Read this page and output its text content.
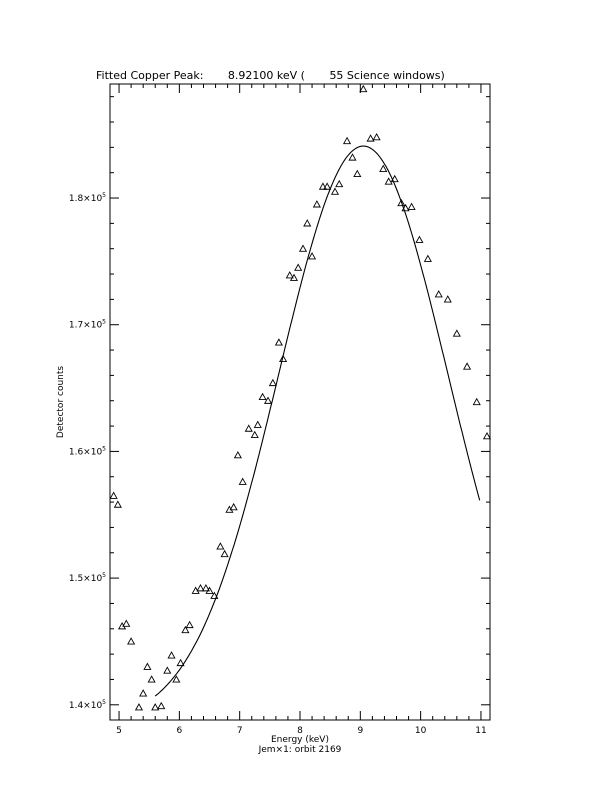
Fitted Copper Peak:       8.92100 keV (       55 Science windows)
5	6	7	8	9	10	11
$1.4\times 10^5$
$1.5\times 10^5$
$1.6\times 10^5$
$1.7\times 10^5$
$1.8\times 10^5$
Detector counts
Energy (keV)
Jem×1: orbit 2169
